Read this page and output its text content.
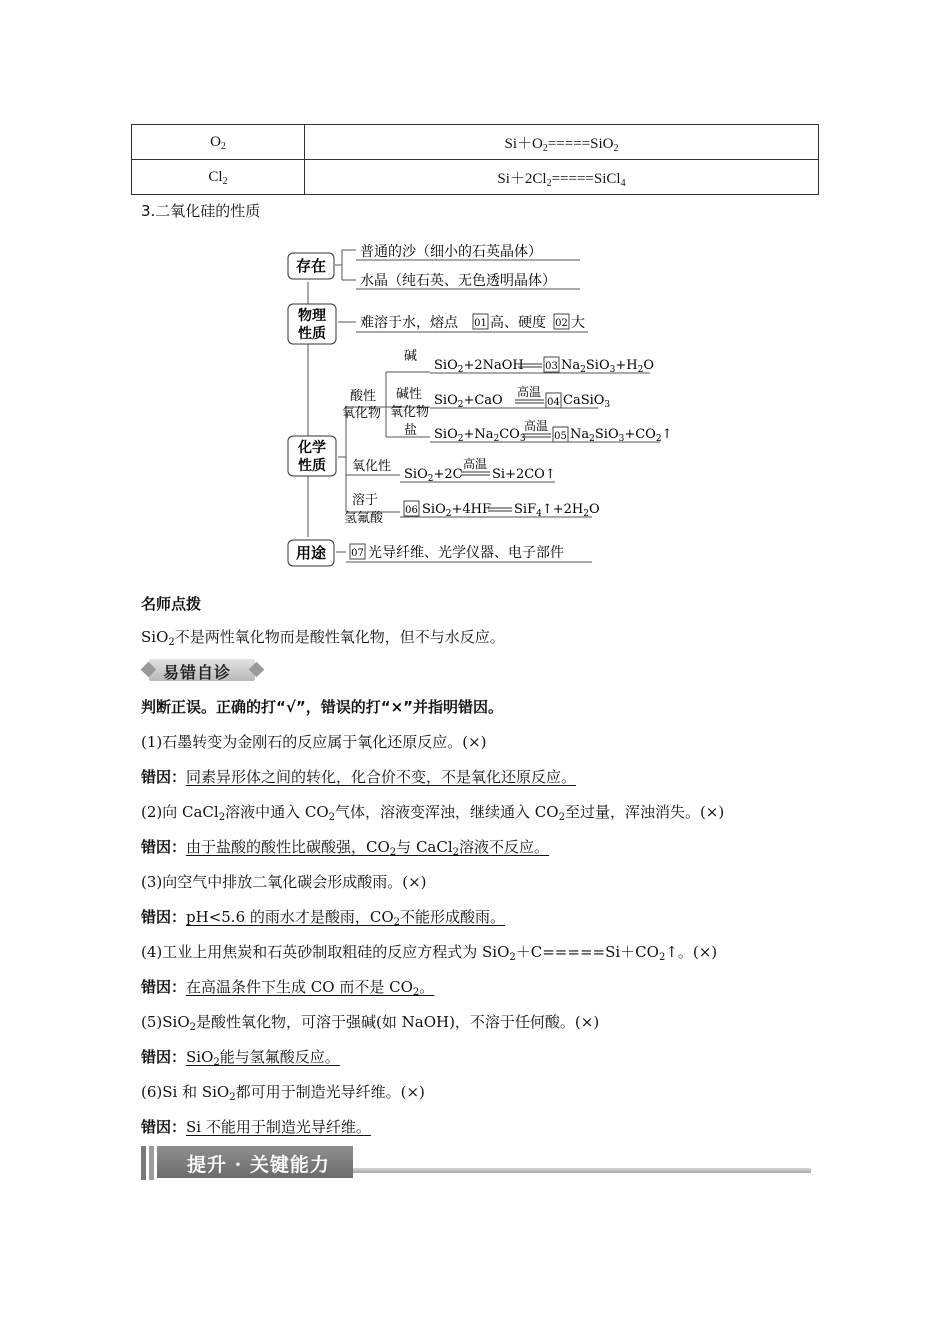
$O_2$	$Si+O_2=====SiO_2$
$Cl_2$	$Si+2Cl_2=====SiCl_4$
3.二氧化硅的性质
存在
物理
性质
化学
性质
用途
普通的沙（细小的石英晶体）
水晶（纯石英、无色透明晶体）
难溶于水，熔点 01 高、硬度 02 大
酸性
氧化物
碱
碱性
氧化物
盐
氧化性
溶于
氢氟酸
SiO$_2$+2NaOH 03 $Na_2SiO_3+H_2O$
SiO$_2$+CaO
高温
04 CaSiO$_3$
$SiO_2+Na_2CO_3$
高温
05 $Na_2SiO_3+CO_2↑$
SiO$_2$+2C
高温
Si+2CO↑
06 SiO$_2$+4HF $SiF_4↑+2H_2O$
07 光导纤维、光学仪器、电子部件
名师点拨
SiO$_2$不是两性氧化物而是酸性氧化物，但不与水反应。
易错自诊
判断正误。正确的打“√”，错误的打“×”并指明错因。
(1)石墨转变为金刚石的反应属于氧化还原反应。(×)
错因：同素异形体之间的转化，化合价不变，不是氧化还原反应。
(2)向 CaCl$_2$溶液中通入 $CO_2$气体，溶液变浑浊，继续通入 $CO_2$至过量，浑浊消失。(×)
错因：由于盐酸的酸性比碳酸强，$CO_2$与 CaCl$_2$溶液不反应。
(3)向空气中排放二氧化碳会形成酸雨。(×)
错因：pH<5.6 的雨水才是酸雨，$CO_2$不能形成酸雨。
(4)工业上用焦炭和石英砂制取粗硅的反应方程式为 $SiO_2+C=====Si+CO_2↑$。(×)
错因：在高温条件下生成 CO 而不是 $CO_2$。
(5)SiO$_2$是酸性氧化物，可溶于强碱(如 NaOH)，不溶于任何酸。(×)
错因：SiO$_2$能与氢氟酸反应。
(6)Si 和 SiO$_2$都可用于制造光导纤维。(×)
错因：Si 不能用于制造光导纤维。
提升 · 关键能力
